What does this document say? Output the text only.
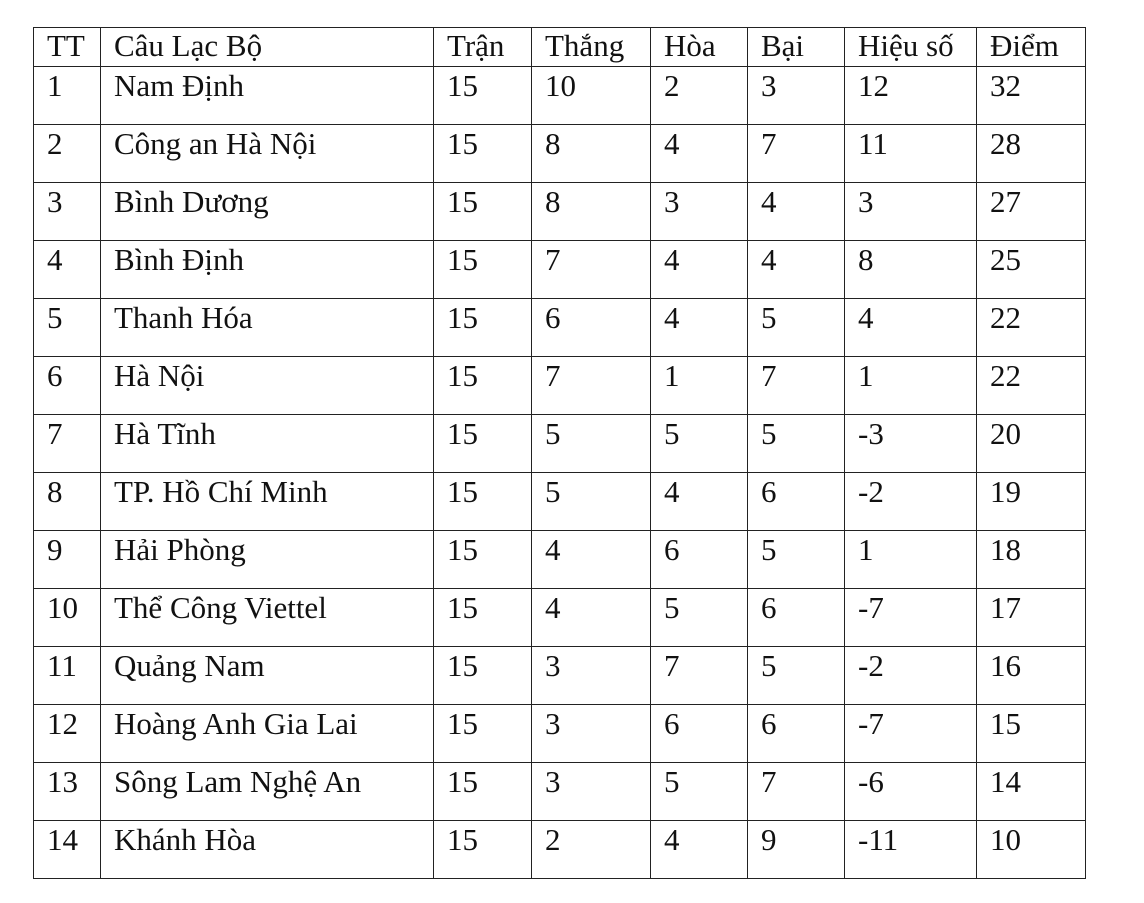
TT	Câu Lạc Bộ	Trận	Thắng	Hòa	Bại	Hiệu số	Điểm
1	Nam Định	15	10	2	3	12	32
2	Công an Hà Nội	15	8	4	7	11	28
3	Bình Dương	15	8	3	4	3	27
4	Bình Định	15	7	4	4	8	25
5	Thanh Hóa	15	6	4	5	4	22
6	Hà Nội	15	7	1	7	1	22
7	Hà Tĩnh	15	5	5	5	-3	20
8	TP. Hồ Chí Minh	15	5	4	6	-2	19
9	Hải Phòng	15	4	6	5	1	18
10	Thể Công Viettel	15	4	5	6	-7	17
11	Quảng Nam	15	3	7	5	-2	16
12	Hoàng Anh Gia Lai	15	3	6	6	-7	15
13	Sông Lam Nghệ An	15	3	5	7	-6	14
14	Khánh Hòa	15	2	4	9	-11	10
